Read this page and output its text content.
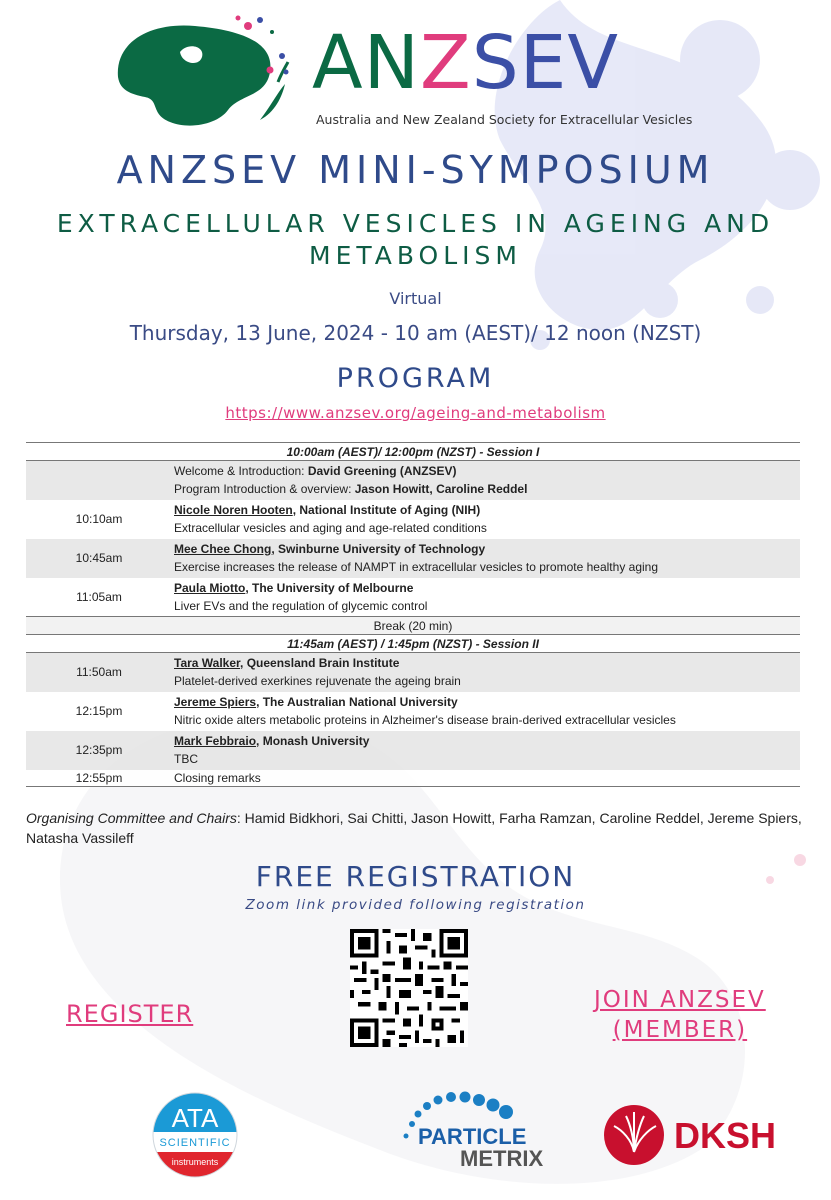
ANZSEV
Australia and New Zealand Society for Extracellular Vesicles
ANZSEV MINI-SYMPOSIUM
EXTRACELLULAR VESICLES IN AGEING AND
METABOLISM
Virtual
Thursday, 13 June, 2024 - 10 am (AEST)/ 12 noon (NZST)
PROGRAM
https://www.anzsev.org/ageing-and-metabolism
10:00am (AEST)/ 12:00pm (NZST) - Session I	

	Welcome & Introduction: David Greening (ANZSEV)
Program Introduction & overview: Jason Howitt, Caroline Reddel

10:10am	Nicole Noren Hooten, National Institute of Aging (NIH)
Extracellular vesicles and aging and age-related conditions

10:45am	Mee Chee Chong, Swinburne University of Technology
Exercise increases the release of NAMPT in extracellular vesicles to promote healthy aging

11:05am	Paula Miotto, The University of Melbourne
Liver EVs and the regulation of glycemic control

Break (20 min)	
11:45am (AEST) / 1:45pm (NZST) - Session II	
11:50am	Tara Walker, Queensland Brain Institute
Platelet-derived exerkines rejuvenate the ageing brain

12:15pm	Jereme Spiers, The Australian National University
Nitric oxide alters metabolic proteins in Alzheimer's disease brain-derived extracellular vesicles

12:35pm	Mark Febbraio, Monash University
TBC

12:55pm	Closing remarks
Organising Committee and Chairs: Hamid Bidkhori, Sai Chitti, Jason Howitt, Farha Ramzan, Caroline Reddel, Jereme Spiers, Natasha Vassileff
FREE REGISTRATION
Zoom link provided following registration
REGISTER	JOIN ANZSEV
(MEMBER)
ATA
SCIENTIFIC
instruments
PARTICLE
METRIX
DKSH
